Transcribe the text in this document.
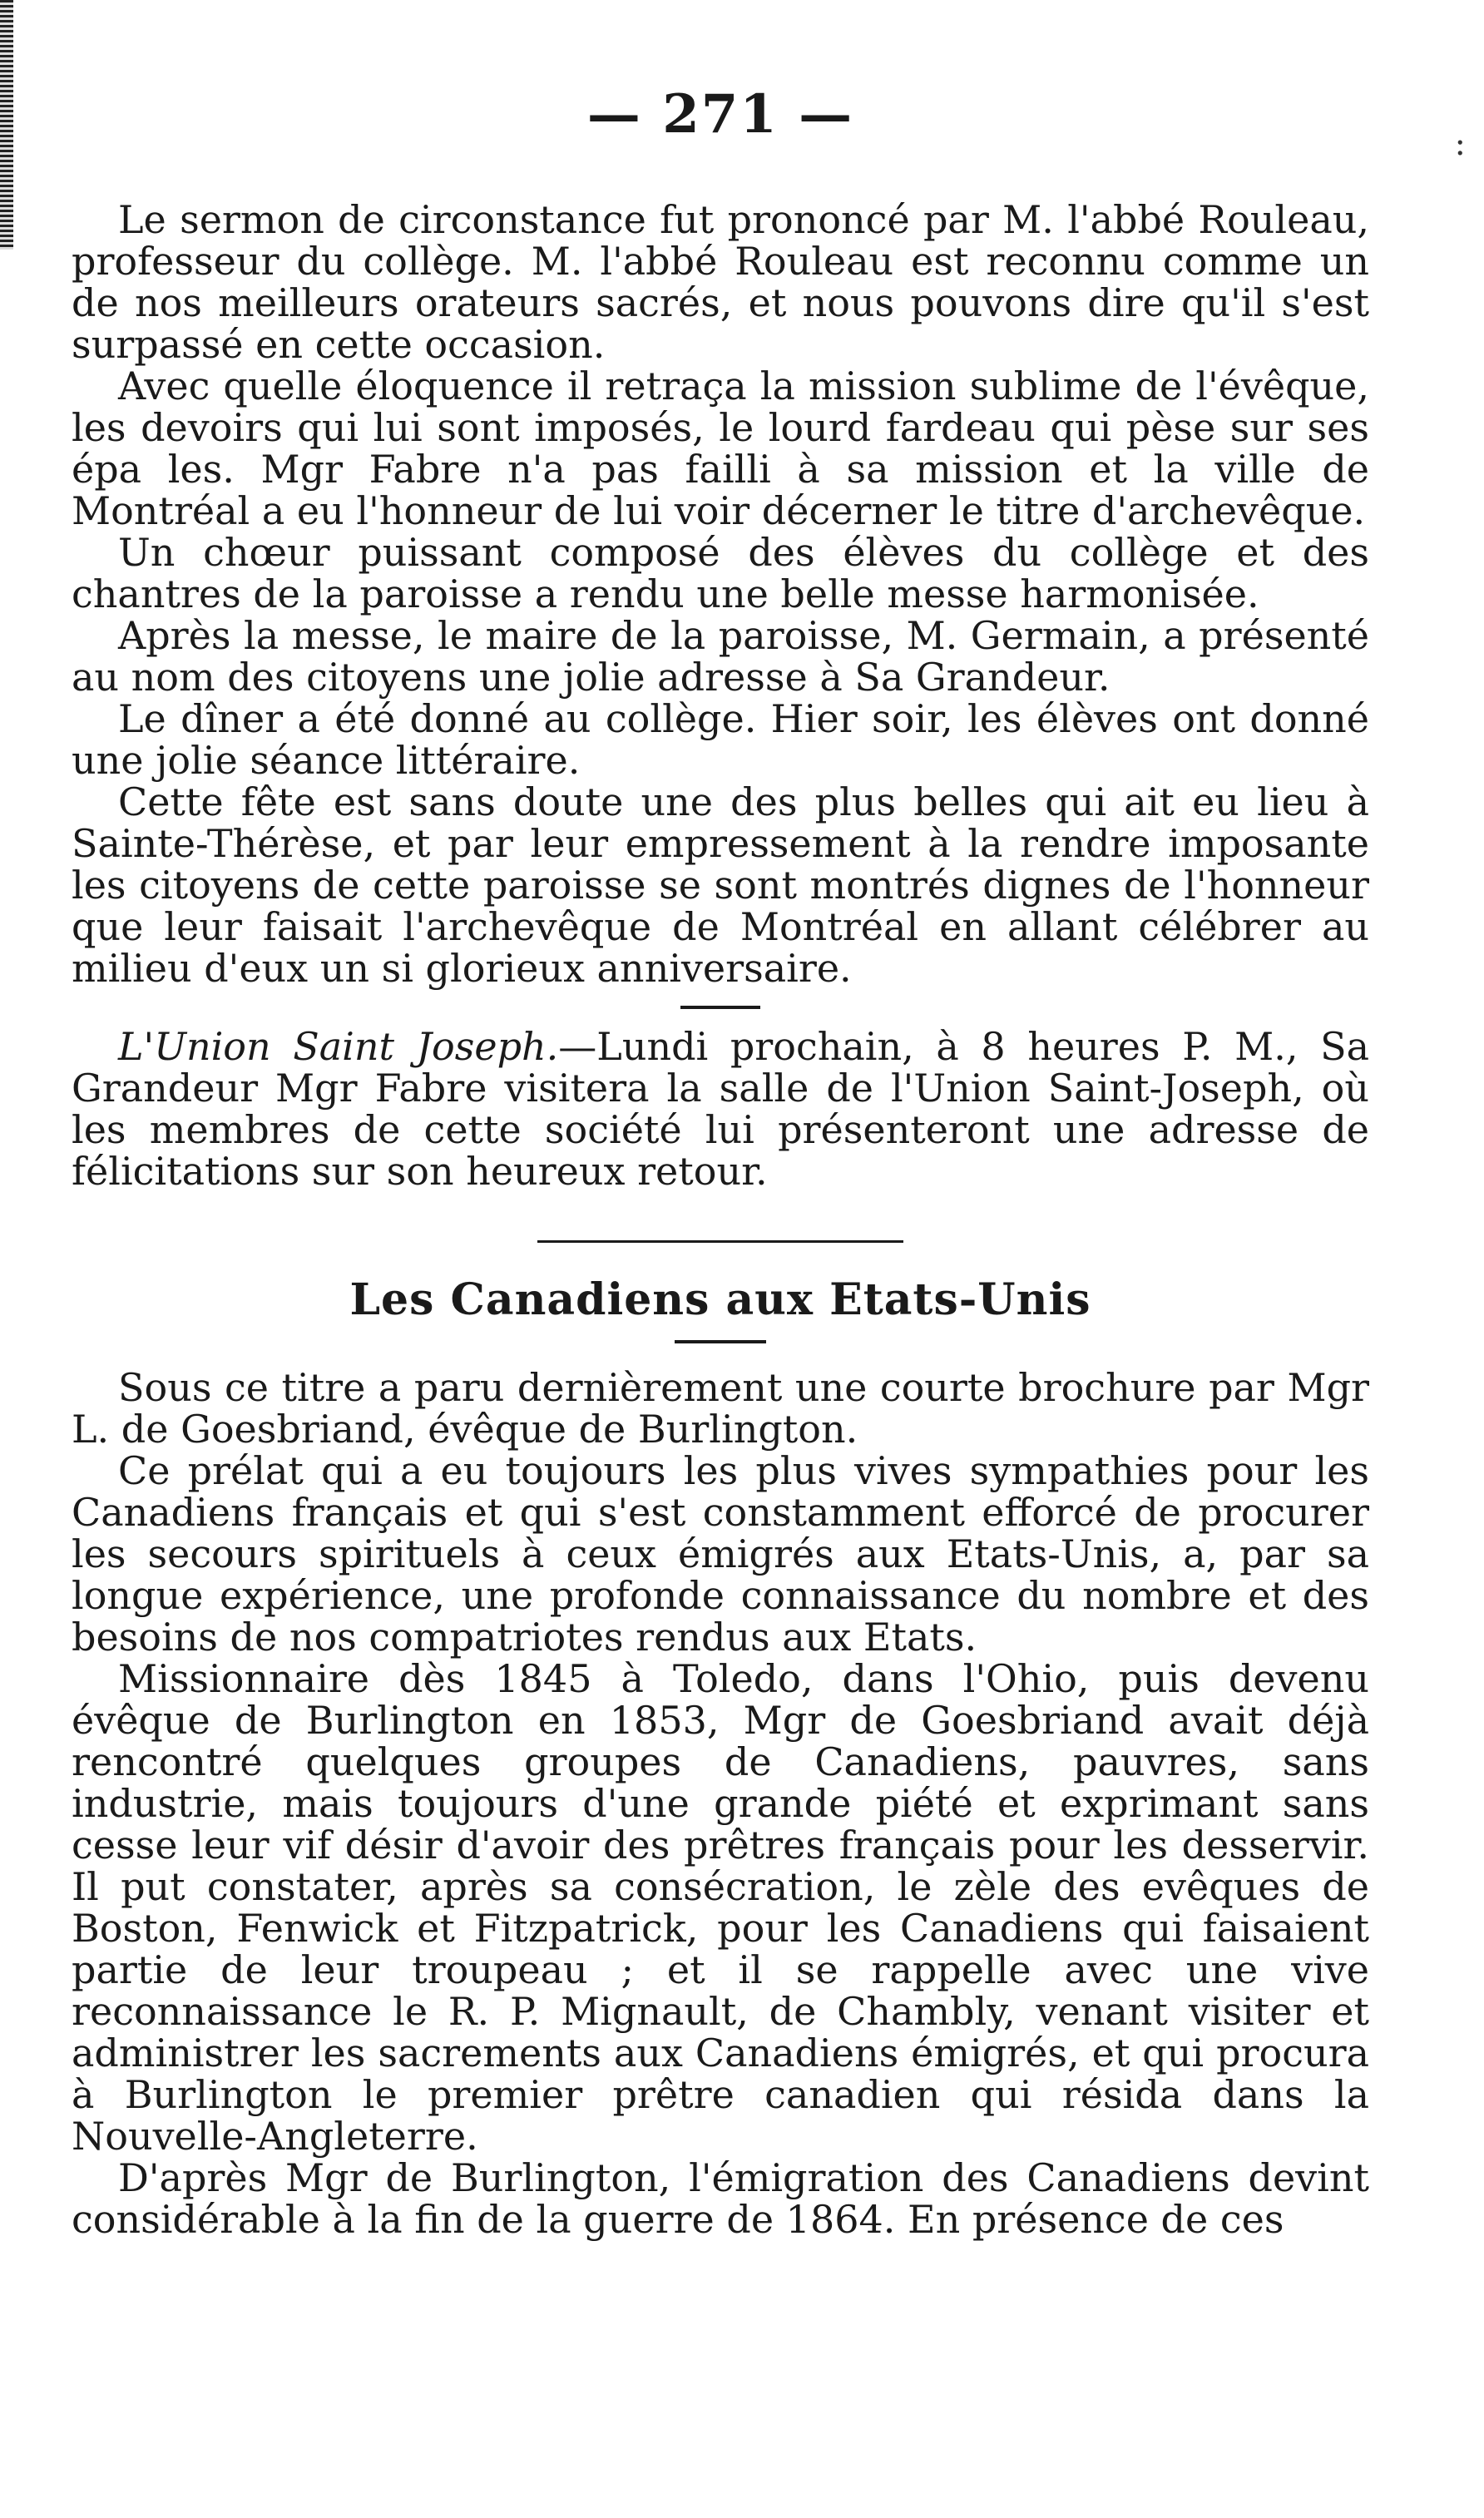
:
— 271 —

Le sermon de circonstance fut prononcé par M. l'abbé Rouleau, professeur du collège. M. l'abbé Rouleau est reconnu comme un de nos meilleurs orateurs sacrés, et nous pouvons dire qu'il s'est surpassé en cette occasion.

Avec quelle éloquence il retraça la mission sublime de l'évêque, les devoirs qui lui sont imposés, le lourd fardeau qui pèse sur ses épa les. Mgr Fabre n'a pas failli à sa mission et la ville de Montréal a eu l'honneur de lui voir décerner le titre d'archevêque.

Un chœur puissant composé des élèves du collège et des chantres de la paroisse a rendu une belle messe harmonisée.

Après la messe, le maire de la paroisse, M. Germain, a présenté au nom des citoyens une jolie adresse à Sa Grandeur.

Le dîner a été donné au collège. Hier soir, les élèves ont donné une jolie séance littéraire.

Cette fête est sans doute une des plus belles qui ait eu lieu à Sainte-Thérèse, et par leur empressement à la rendre imposante les citoyens de cette paroisse se sont montrés dignes de l'honneur que leur faisait l'archevêque de Montréal en allant célébrer au milieu d'eux un si glorieux anniversaire.

L'Union Saint Joseph.—Lundi prochain, à 8 heures P. M., Sa Grandeur Mgr Fabre visitera la salle de l'Union Saint-Joseph, où les membres de cette société lui présenteront une adresse de félicitations sur son heureux retour.

Les Canadiens aux Etats-Unis

Sous ce titre a paru dernièrement une courte brochure par Mgr L. de Goesbriand, évêque de Burlington.

Ce prélat qui a eu toujours les plus vives sympathies pour les Canadiens français et qui s'est constamment efforcé de procurer les secours spirituels à ceux émigrés aux Etats-Unis, a, par sa longue expérience, une profonde connaissance du nombre et des besoins de nos compatriotes rendus aux Etats.

Missionnaire dès 1845 à Toledo, dans l'Ohio, puis devenu évêque de Burlington en 1853, Mgr de Goesbriand avait déjà rencontré quelques groupes de Canadiens, pauvres, sans industrie, mais toujours d'une grande piété et exprimant sans cesse leur vif désir d'avoir des prêtres français pour les desservir. Il put constater, après sa consécration, le zèle des evêques de Boston, Fenwick et Fitzpatrick, pour les Canadiens qui faisaient partie de leur troupeau ; et il se rappelle avec une vive reconnaissance le R. P. Mignault, de Chambly, venant visiter et administrer les sacrements aux Canadiens émigrés, et qui procura à Burlington le premier prêtre canadien qui résida dans la Nouvelle-Angleterre.

D'après Mgr de Burlington, l'émigration des Canadiens devint considérable à la fin de la guerre de 1864. En présence de ces
